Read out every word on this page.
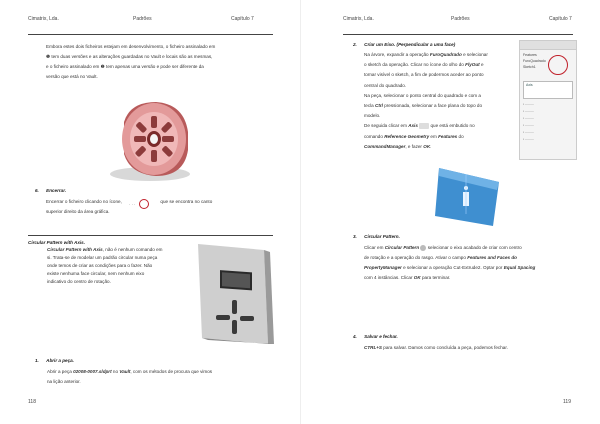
Cimatrix, Lda.	Padrões	Capítulo 7
Embora estes dois ficheiros estejam em desenvolvimento, o ficheiro assinalado em
❶ tem duas versões e as alterações guardadas no Vault e locais são as mesmas,
e o ficheiro assinalado em ❷ tem apenas uma versão e pode ser diferente da
versão que está no Vault.
6. Encerrar.
Encerrar o ficheiro clicando no ícone,
· · ·
que se encontra no canto
superior direito da área gráfica.
Circular Pattern with Axis.
Circular Pattern with Axis, não é nenhum comando em
si. Trata-se de modelar um padrão circular numa peça
onde temos de criar as condições para o fazer. Não
existe nenhuma face circular, nem nenhum eixo
indicativo do centro de rotação.
1. Abrir a peça.
Abrir a peça 02008-0007.sldprt no Vault, com os métodos de procura que vimos
na lição anterior.
118
Cimatrix, Lda.	Padrões	Capítulo 7
2. Criar um Eixo. (Perpendicular a uma face)
Na árvore, expandir a operação FuroQuadrado e selecionar
o sketch da operação. Clicar no ícone do olho do FlyOut e
tornar visível o sketch, a fim de podermos aceder ao ponto
central do quadrado.
Na peça, selecionar o ponto central do quadrado e com a
tecla Ctrl pressionada, selecionar a face plana do topo do
modelo.
De seguida clicar em Axis	que está embutido no
comando Reference Geometry em Features do
CommandManager, e fazer OK.
Features
FuroQuadrado
Sketch1
Axis
▪ ———
▪ ———
▪ ———
▪ ———
▪ ———
▪ ———
3. Circular Pattern.
Clicar em Circular Pattern selecionar o eixo acabado de criar com centro
de rotação e a operação do rasgo. Ativar o campo Features and Faces do
PropertyManager e selecionar a operação Cut-Extrude2. Optar por Equal Spacing
com 4 instâncias. Clicar OK para terminar.
4. Salvar e fechar.
CTRL+S para salvar. Damos como concluída a peça, podemos fechar.
119
